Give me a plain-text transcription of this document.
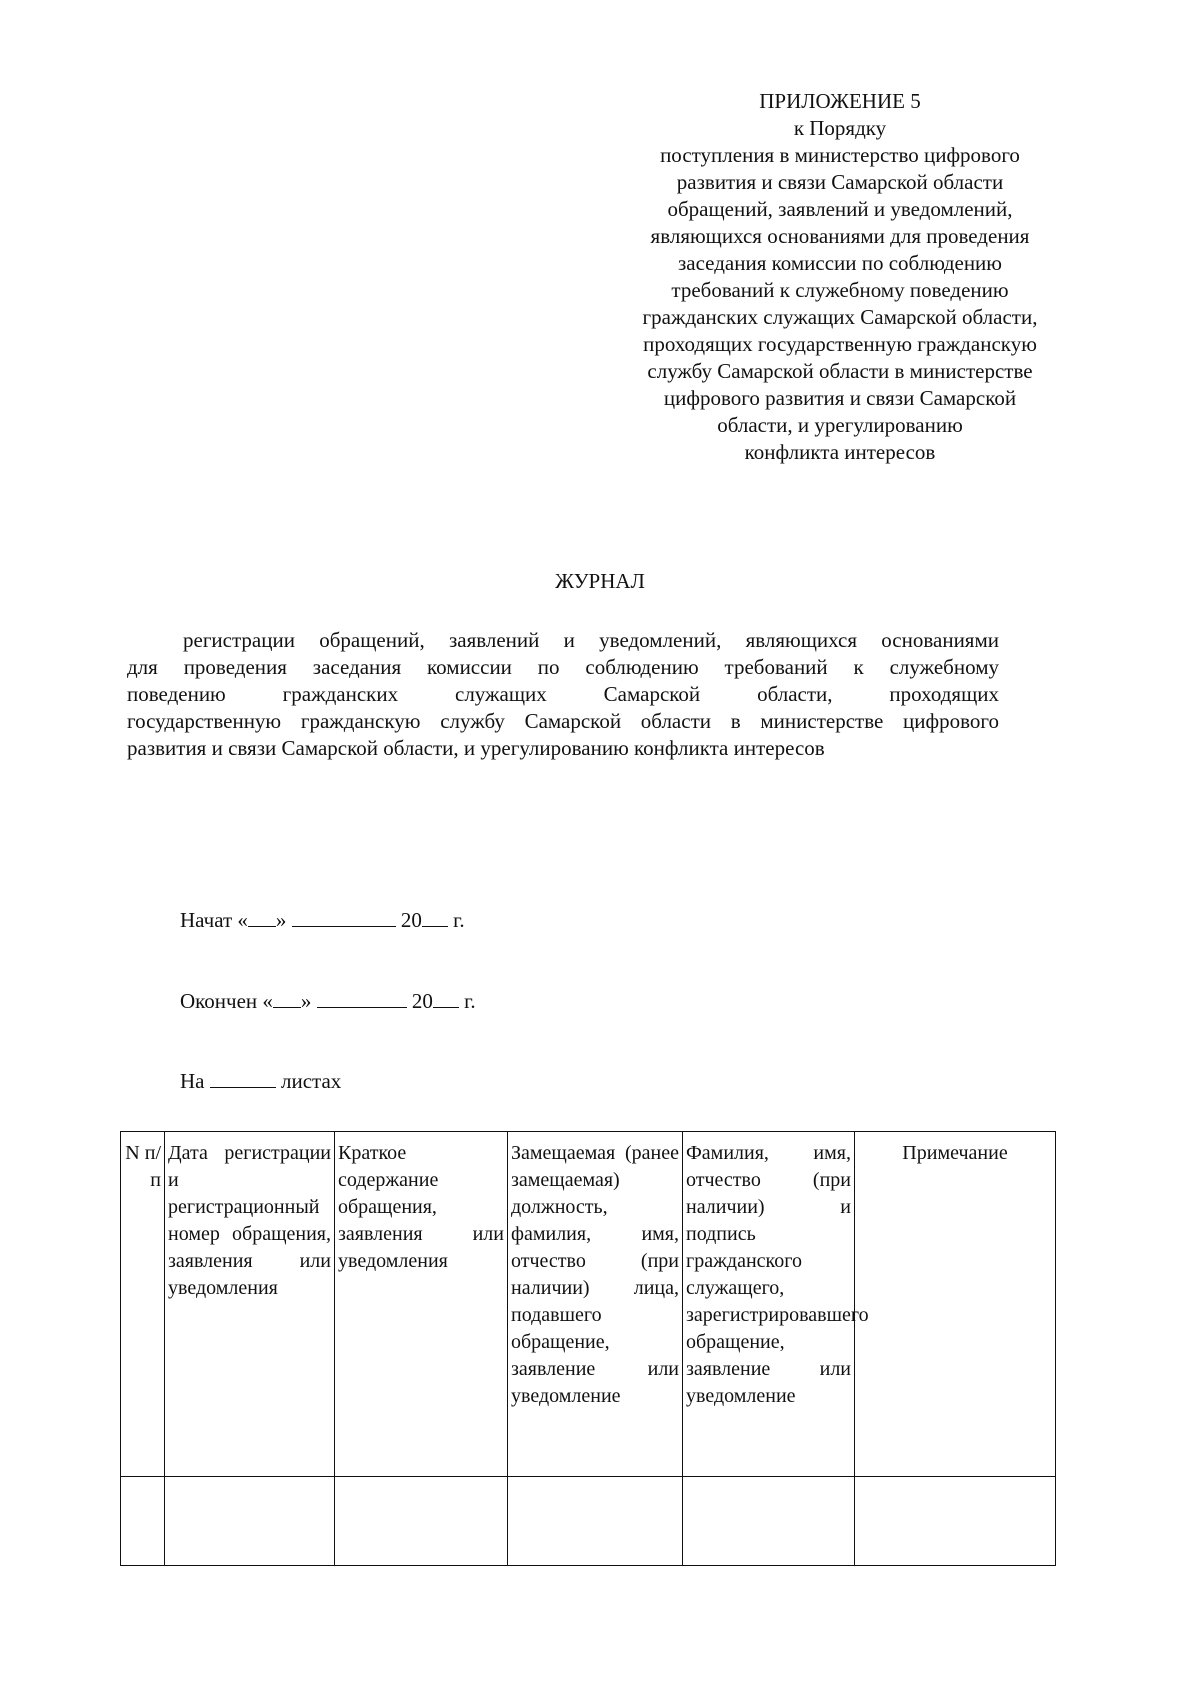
ПРИЛОЖЕНИЕ 5
к Порядку
поступления в министерство цифрового
развития и связи Самарской области
обращений, заявлений и уведомлений,
являющихся основаниями для проведения
заседания комиссии по соблюдению
требований к служебному поведению
гражданских служащих Самарской области,
проходящих государственную гражданскую
службу Самарской области в министерстве
цифрового развития и связи Самарской
области, и урегулированию
конфликта интересов
ЖУРНАЛ
регистрации обращений, заявлений и уведомлений, являющихся основаниями
для проведения заседания комиссии по соблюдению требований к служебному
поведению гражданских служащих Самарской области, проходящих
государственную гражданскую службу Самарской области в министерстве цифрового
развития и связи Самарской области, и урегулированию конфликта интересов
Начат « »	20 г.
Окончен « »	20 г.
На	листах
N п/п	Дата регистрации и регистрационный номер обращения, заявления или уведомления	Краткое содержание обращения, заявления или уведомления	Замещаемая (ранее замещаемая) должность, фамилия, имя, отчество (при наличии) лица, подавшего обращение, заявление или уведомление	Фамилия, имя, отчество (при наличии) и подпись гражданского служащего, зарегистрировавшего обращение, заявление или уведомление	Примечание
